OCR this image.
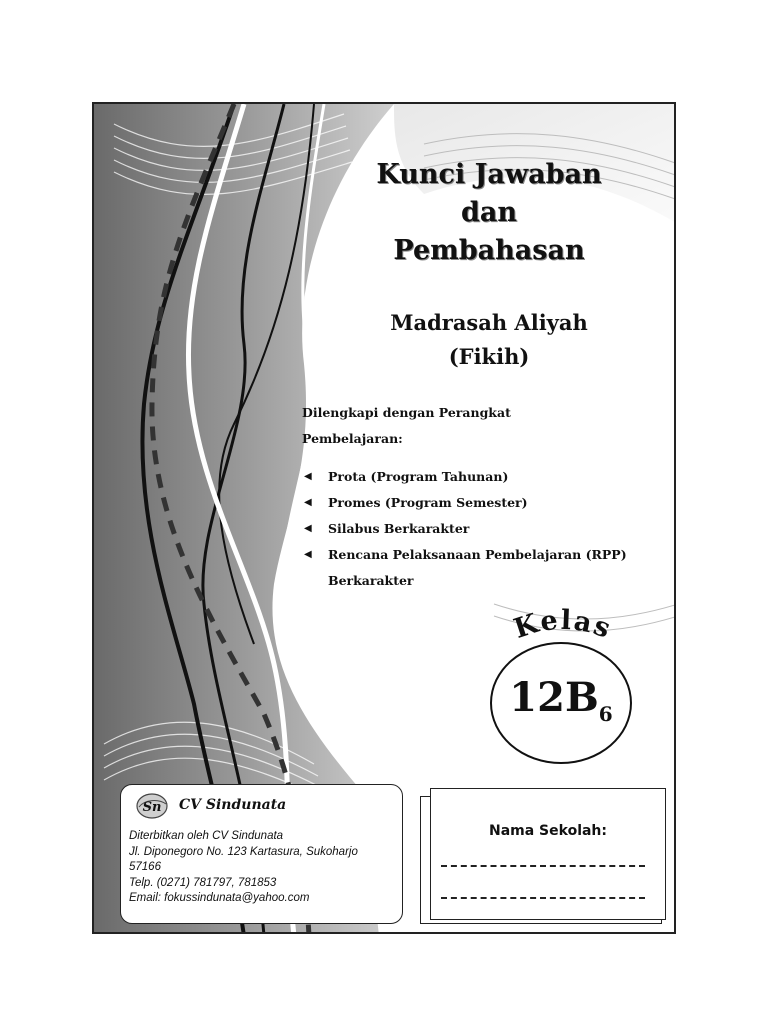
Kunci Jawaban
dan
Pembahasan
Madrasah Aliyah
(Fikih)
Dilengkapi dengan Perangkat
Pembelajaran:
◀ Prota (Program Tahunan)
◀ Promes (Program Semester)
◀ Silabus Berkarakter
◀ Rencana Pelaksanaan Pembelajaran (RPP)
Berkarakter
Kelas
$12B_6$
Sn CV Sindunata
Diterbitkan oleh CV Sindunata
Jl. Diponegoro No. 123 Kartasura, Sukoharjo
57166
Telp. (0271) 781797, 781853
Email: fokussindunata@yahoo.com
Nama Sekolah:
